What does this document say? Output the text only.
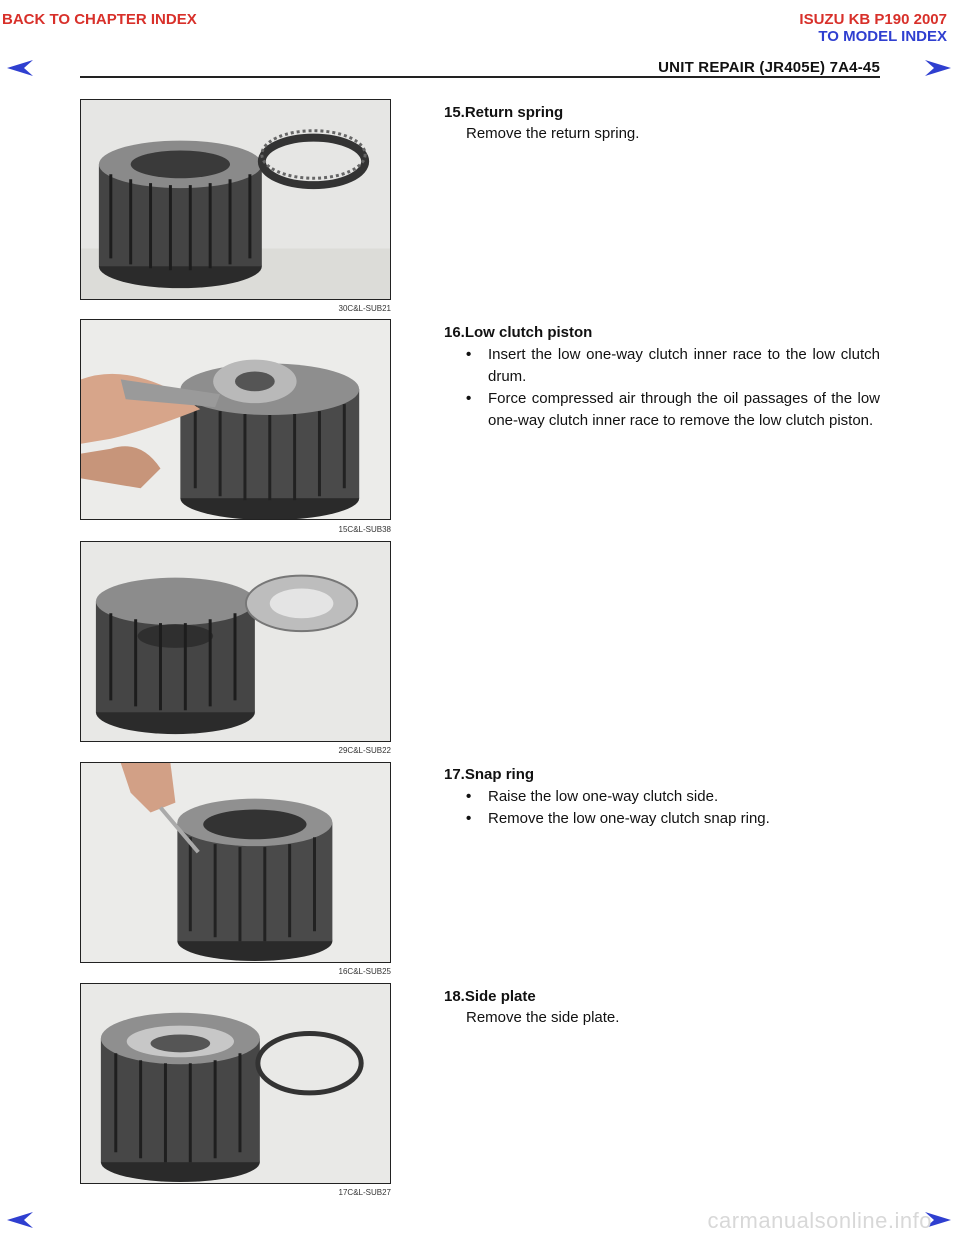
BACK TO CHAPTER INDEX	ISUZU KB P190 2007
TO MODEL INDEX
UNIT REPAIR (JR405E) 7A4-45
30C&L-SUB21
15C&L-SUB38
29C&L-SUB22
16C&L-SUB25
17C&L-SUB27
15.Return spring
Remove the return spring.
16.Low clutch piston
• Insert the low one-way clutch inner race to the low clutch drum.
• Force compressed air through the oil passages of the low one-way clutch inner race to remove the low clutch piston.
17.Snap ring
• Raise the low one-way clutch side.
• Remove the low one-way clutch snap ring.
18.Side plate
Remove the side plate.
carmanualsonline.info
